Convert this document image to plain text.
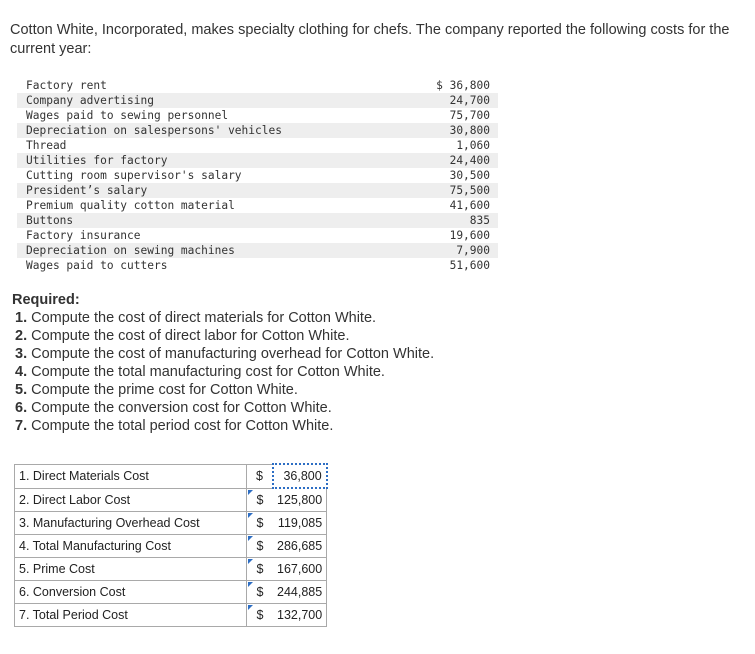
Cotton White, Incorporated, makes specialty clothing for chefs. The company reported the following costs for the current year:
Factory rent	$ 36,800
Company advertising	24,700
Wages paid to sewing personnel	75,700
Depreciation on salespersons' vehicles	30,800
Thread	1,060
Utilities for factory	24,400
Cutting room supervisor's salary	30,500
President’s salary	75,500
Premium quality cotton material	41,600
Buttons	835
Factory insurance	19,600
Depreciation on sewing machines	7,900
Wages paid to cutters	51,600
Required:
1. Compute the cost of direct materials for Cotton White.
2. Compute the cost of direct labor for Cotton White.
3. Compute the cost of manufacturing overhead for Cotton White.
4. Compute the total manufacturing cost for Cotton White.
5. Compute the prime cost for Cotton White.
6. Compute the conversion cost for Cotton White.
7. Compute the total period cost for Cotton White.
1. Direct Materials Cost	$	36,800
2. Direct Labor Cost	$	125,800
3. Manufacturing Overhead Cost	$	119,085
4. Total Manufacturing Cost	$	286,685
5. Prime Cost	$	167,600
6. Conversion Cost	$	244,885
7. Total Period Cost	$	132,700
